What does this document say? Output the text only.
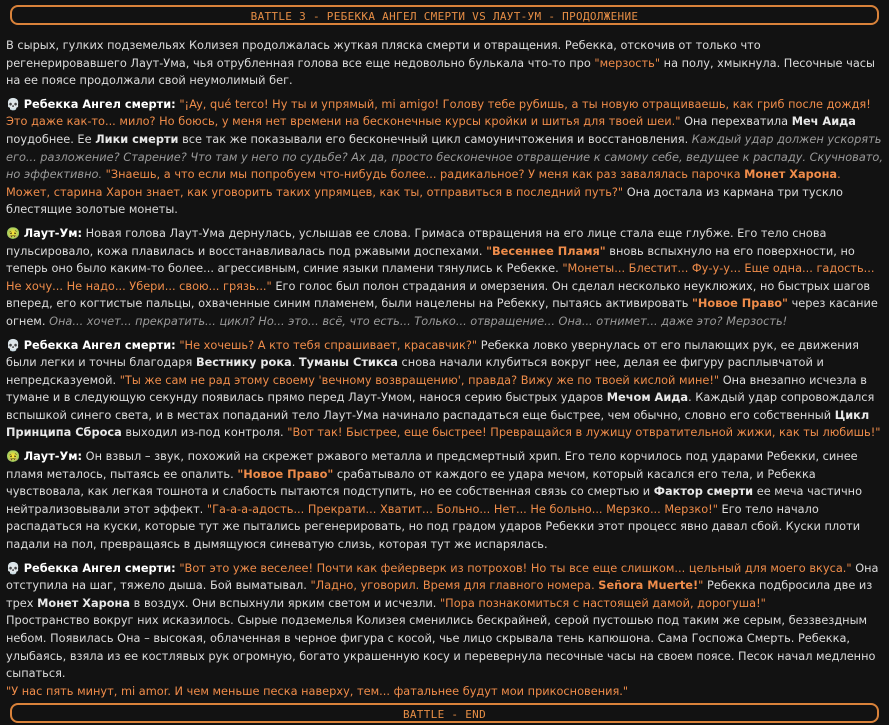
BATTLE 3 - РЕБЕККА АНГЕЛ СМЕРТИ VS ЛАУТ-УМ - ПРОДОЛЖЕНИЕ

В сырых, гулких подземельях Колизея продолжалась жуткая пляска смерти и отвращения. Ребекка, отскочив от только что регенерировавшего Лаут-Ума, чья отрубленная голова все еще недовольно булькала что-то про "мерзость" на полу, хмыкнула. Песочные часы на ее поясе продолжали свой неумолимый бег.

💀 Ребекка Ангел смерти: "¡Ay, qué terco! Ну ты и упрямый, mi amigo! Голову тебе рубишь, а ты новую отращиваешь, как гриб после дождя! Это даже как-то... мило? Но боюсь, у меня нет времени на бесконечные курсы кройки и шитья для твоей шеи." Она перехватила Меч Аида поудобнее. Ее Лики смерти все так же показывали его бесконечный цикл самоуничтожения и восстановления. Каждый удар должен ускорять его... разложение? Старение? Что там у него по судьбе? Ах да, просто бесконечное отвращение к самому себе, ведущее к распаду. Скучновато, но эффективно. "Знаешь, а что если мы попробуем что-нибудь более... радикальное? У меня как раз завалялась парочка Монет Харона. Может, старина Харон знает, как уговорить таких упрямцев, как ты, отправиться в последний путь?" Она достала из кармана три тускло блестящие золотые монеты.

🤢 Лаут-Ум: Новая голова Лаут-Ума дернулась, услышав ее слова. Гримаса отвращения на его лице стала еще глубже. Его тело снова пульсировало, кожа плавилась и восстанавливалась под ржавыми доспехами. "Весеннее Пламя" вновь вспыхнуло на его поверхности, но теперь оно было каким-то более... агрессивным, синие языки пламени тянулись к Ребекке. "Монеты... Блестит... Фу-у-у... Еще одна... гадость... Не хочу... Не надо... Убери... свою... грязь..." Его голос был полон страдания и омерзения. Он сделал несколько неуклюжих, но быстрых шагов вперед, его когтистые пальцы, охваченные синим пламенем, были нацелены на Ребекку, пытаясь активировать "Новое Право" через касание огнем. Она... хочет... прекратить... цикл? Но... это... всё, что есть... Только... отвращение... Она... отнимет... даже это? Мерзость!

💀 Ребекка Ангел смерти: "Не хочешь? А кто тебя спрашивает, красавчик?" Ребекка ловко увернулась от его пылающих рук, ее движения были легки и точны благодаря Вестнику рока. Туманы Стикса снова начали клубиться вокруг нее, делая ее фигуру расплывчатой и непредсказуемой. "Ты же сам не рад этому своему 'вечному возвращению', правда? Вижу же по твоей кислой мине!" Она внезапно исчезла в тумане и в следующую секунду появилась прямо перед Лаут-Умом, нанося серию быстрых ударов Мечом Аида. Каждый удар сопровождался вспышкой синего света, и в местах попаданий тело Лаут-Ума начинало распадаться еще быстрее, чем обычно, словно его собственный Цикл Принципа Сброса выходил из-под контроля. "Вот так! Быстрее, еще быстрее! Превращайся в лужицу отвратительной жижи, как ты любишь!"

🤢 Лаут-Ум: Он взвыл – звук, похожий на скрежет ржавого металла и предсмертный хрип. Его тело корчилось под ударами Ребекки, синее пламя металось, пытаясь ее опалить. "Новое Право" срабатывало от каждого ее удара мечом, который касался его тела, и Ребекка чувствовала, как легкая тошнота и слабость пытаются подступить, но ее собственная связь со смертью и Фактор смерти ее меча частично нейтрализовывали этот эффект. "Га-а-а-адость... Прекрати... Хватит... Больно... Нет... Не больно... Мерзко... Мерзко!" Его тело начало распадаться на куски, которые тут же пытались регенерировать, но под градом ударов Ребекки этот процесс явно давал сбой. Куски плоти падали на пол, превращаясь в дымящуюся синеватую слизь, которая тут же испарялась.

💀 Ребекка Ангел смерти: "Вот это уже веселее! Почти как фейерверк из потрохов! Но ты все еще слишком... цельный для моего вкуса." Она отступила на шаг, тяжело дыша. Бой выматывал. "Ладно, уговорил. Время для главного номера. Señora Muerte!" Ребекка подбросила две из трех Монет Харона в воздух. Они вспыхнули ярким светом и исчезли. "Пора познакомиться с настоящей дамой, дорогуша!"
Пространство вокруг них исказилось. Сырые подземелья Колизея сменились бескрайней, серой пустошью под таким же серым, беззвездным небом. Появилась Она – высокая, облаченная в черное фигура с косой, чье лицо скрывала тень капюшона. Сама Госпожа Смерть. Ребекка, улыбаясь, взяла из ее костлявых рук огромную, богато украшенную косу и перевернула песочные часы на своем поясе. Песок начал медленно сыпаться.
"У нас пять минут, mi amor. И чем меньше песка наверху, тем... фатальнее будут мои прикосновения."

BATTLE - END
